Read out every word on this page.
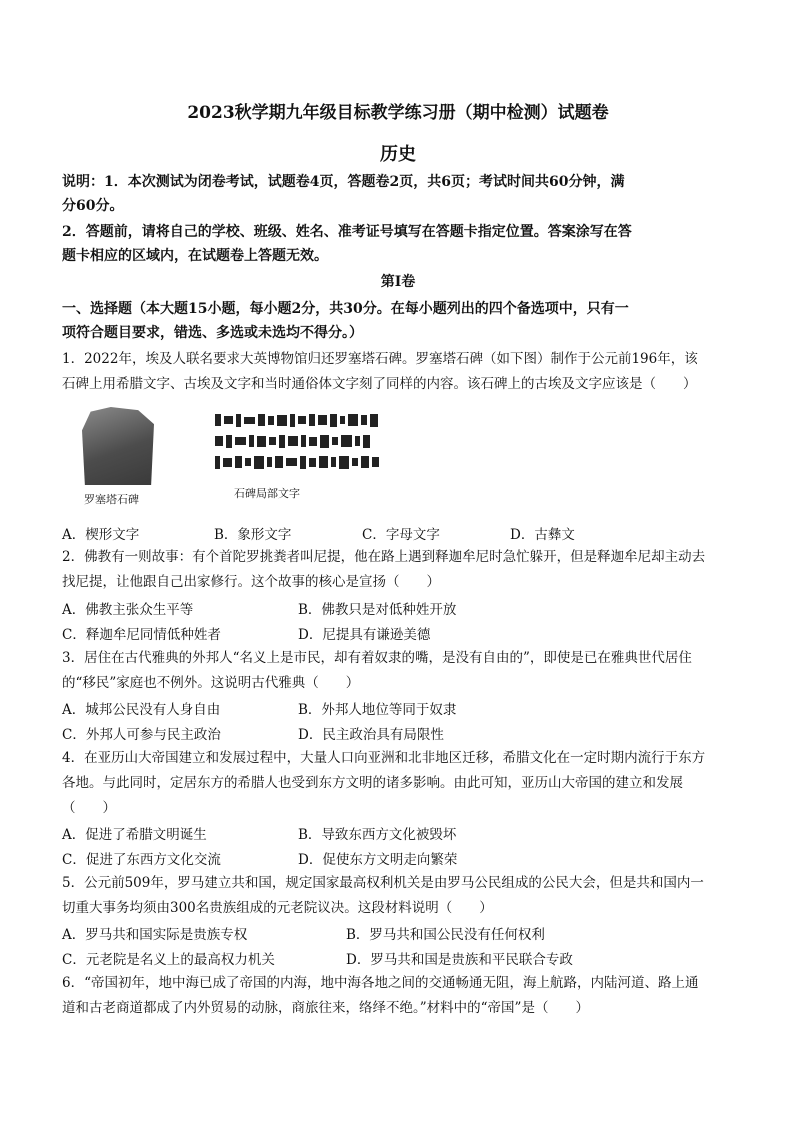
2023秋学期九年级目标教学练习册（期中检测）试题卷
历史
说明：1．本次测试为闭卷考试，试题卷4页，答题卷2页，共6页；考试时间共60分钟，满
分60分。
2．答题前，请将自己的学校、班级、姓名、准考证号填写在答题卡指定位置。答案涂写在答
题卡相应的区域内，在试题卷上答题无效。
第Ⅰ卷
一、选择题（本大题15小题，每小题2分，共30分。在每小题列出的四个备选项中，只有一
项符合题目要求，错选、多选或未选均不得分。）
1．2022年，埃及人联名要求大英博物馆归还罗塞塔石碑。罗塞塔石碑（如下图）制作于公元前196年，该
石碑上用希腊文字、古埃及文字和当时通俗体文字刻了同样的内容。该石碑上的古埃及文字应该是（　　）
罗塞塔石碑	石碑局部文字
A．楔形文字	B．象形文字	C．字母文字	D．古彝文
2．佛教有一则故事：有个首陀罗挑粪者叫尼提，他在路上遇到释迦牟尼时急忙躲开，但是释迦牟尼却主动去
找尼提，让他跟自己出家修行。这个故事的核心是宣扬（　　）
A．佛教主张众生平等	B．佛教只是对低种姓开放
C．释迦牟尼同情低种姓者	D．尼提具有谦逊美德
3．居住在古代雅典的外邦人“名义上是市民，却有着奴隶的嘴，是没有自由的”，即使是已在雅典世代居住
的“移民”家庭也不例外。这说明古代雅典（　　）
A．城邦公民没有人身自由	B．外邦人地位等同于奴隶
C．外邦人可参与民主政治	D．民主政治具有局限性
4．在亚历山大帝国建立和发展过程中，大量人口向亚洲和北非地区迁移，希腊文化在一定时期内流行于东方
各地。与此同时，定居东方的希腊人也受到东方文明的诸多影响。由此可知，亚历山大帝国的建立和发展
（　　）
A．促进了希腊文明诞生	B．导致东西方文化被毁坏
C．促进了东西方文化交流	D．促使东方文明走向繁荣
5．公元前509年，罗马建立共和国，规定国家最高权利机关是由罗马公民组成的公民大会，但是共和国内一
切重大事务均须由300名贵族组成的元老院议决。这段材料说明（　　）
A．罗马共和国实际是贵族专权	B．罗马共和国公民没有任何权利
C．元老院是名义上的最高权力机关	D．罗马共和国是贵族和平民联合专政
6．“帝国初年，地中海已成了帝国的内海，地中海各地之间的交通畅通无阻，海上航路，内陆河道、路上通
道和古老商道都成了内外贸易的动脉，商旅往来，络绎不绝。”材料中的“帝国”是（　　）
